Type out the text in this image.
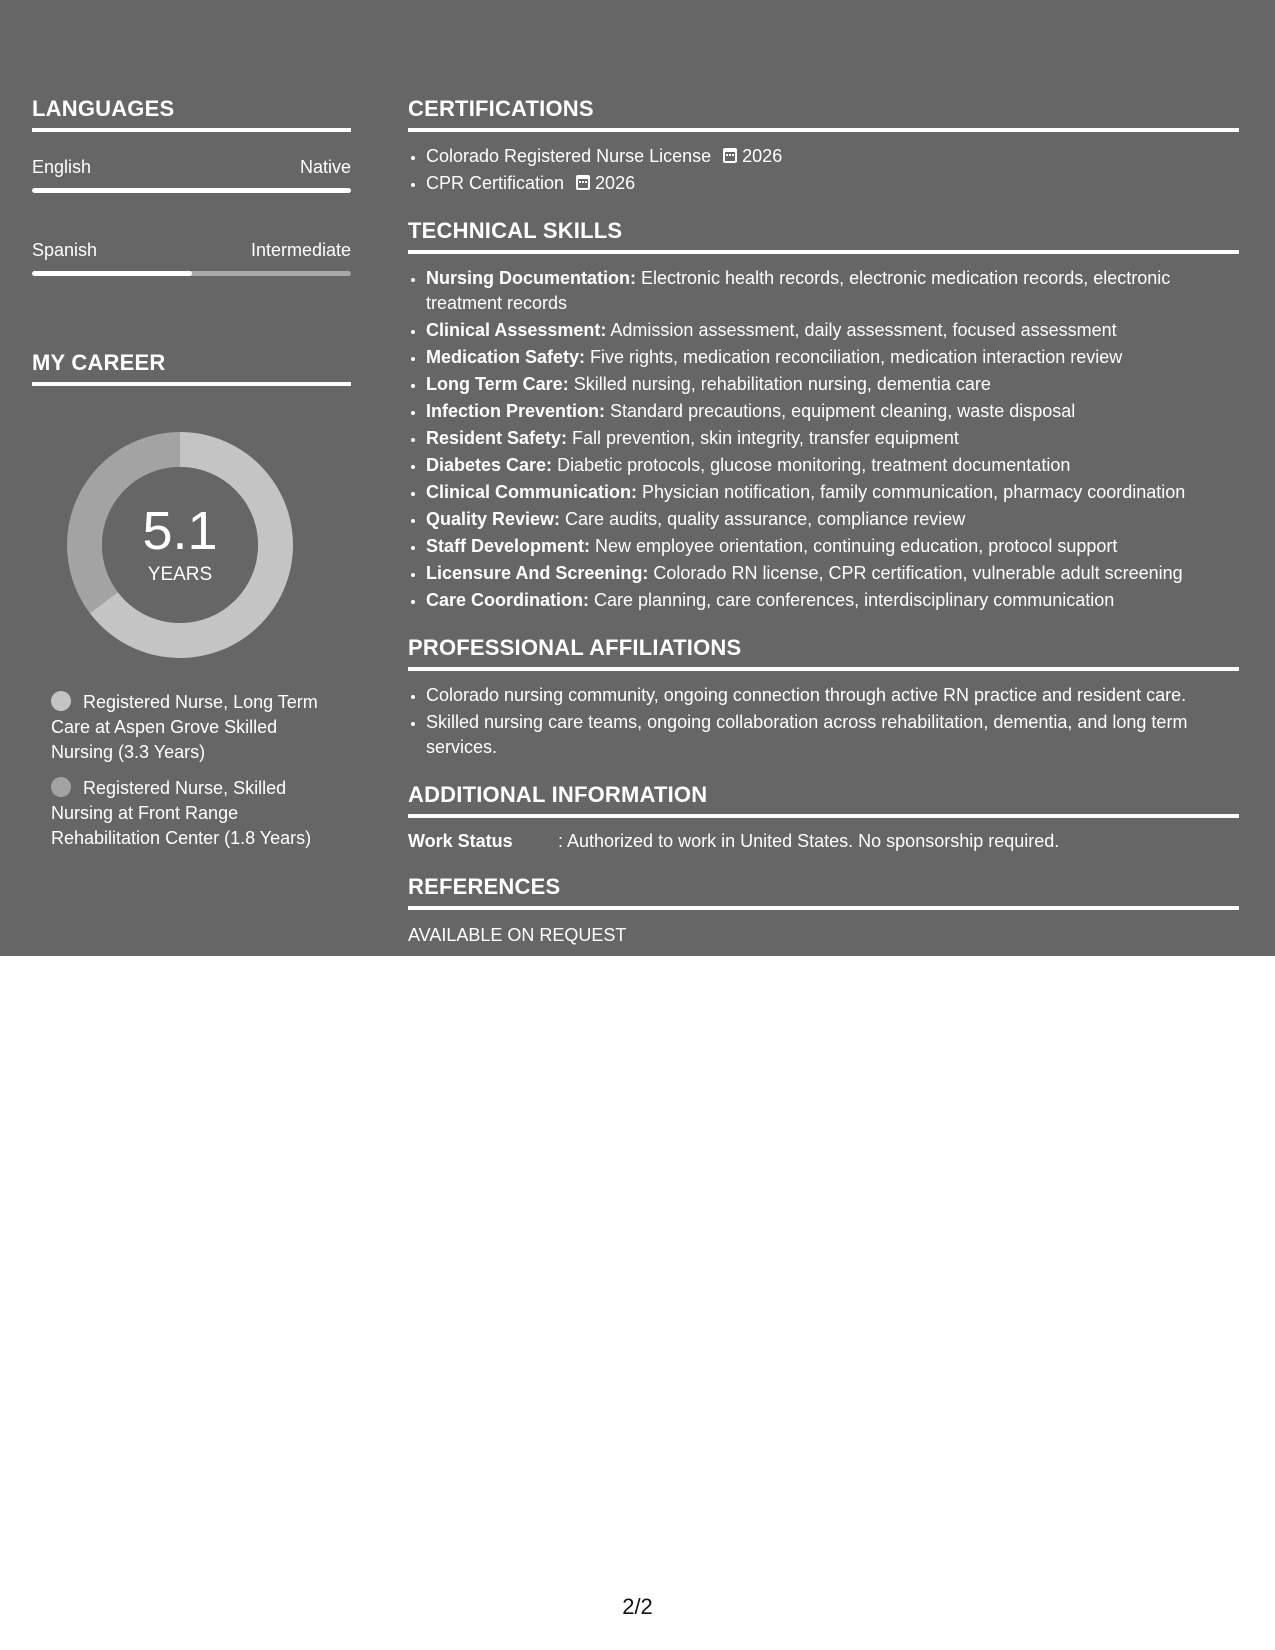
LANGUAGES
English	Native
Spanish	Intermediate
MY CAREER
5.1
YEARS
Registered Nurse, Long Term Care at Aspen Grove Skilled Nursing (3.3 Years)
Registered Nurse, Skilled Nursing at Front Range Rehabilitation Center (1.8 Years)
CERTIFICATIONS
• Colorado Registered Nurse License 2026
• CPR Certification 2026
TECHNICAL SKILLS
• Nursing Documentation: Electronic health records, electronic medication records, electronic treatment records
• Clinical Assessment: Admission assessment, daily assessment, focused assessment
• Medication Safety: Five rights, medication reconciliation, medication interaction review
• Long Term Care: Skilled nursing, rehabilitation nursing, dementia care
• Infection Prevention: Standard precautions, equipment cleaning, waste disposal
• Resident Safety: Fall prevention, skin integrity, transfer equipment
• Diabetes Care: Diabetic protocols, glucose monitoring, treatment documentation
• Clinical Communication: Physician notification, family communication, pharmacy coordination
• Quality Review: Care audits, quality assurance, compliance review
• Staff Development: New employee orientation, continuing education, protocol support
• Licensure And Screening: Colorado RN license, CPR certification, vulnerable adult screening
• Care Coordination: Care planning, care conferences, interdisciplinary communication
PROFESSIONAL AFFILIATIONS
• Colorado nursing community, ongoing connection through active RN practice and resident care.
• Skilled nursing care teams, ongoing collaboration across rehabilitation, dementia, and long term services.
ADDITIONAL INFORMATION
Work Status	: Authorized to work in United States. No sponsorship required.
REFERENCES
AVAILABLE ON REQUEST
2/2
